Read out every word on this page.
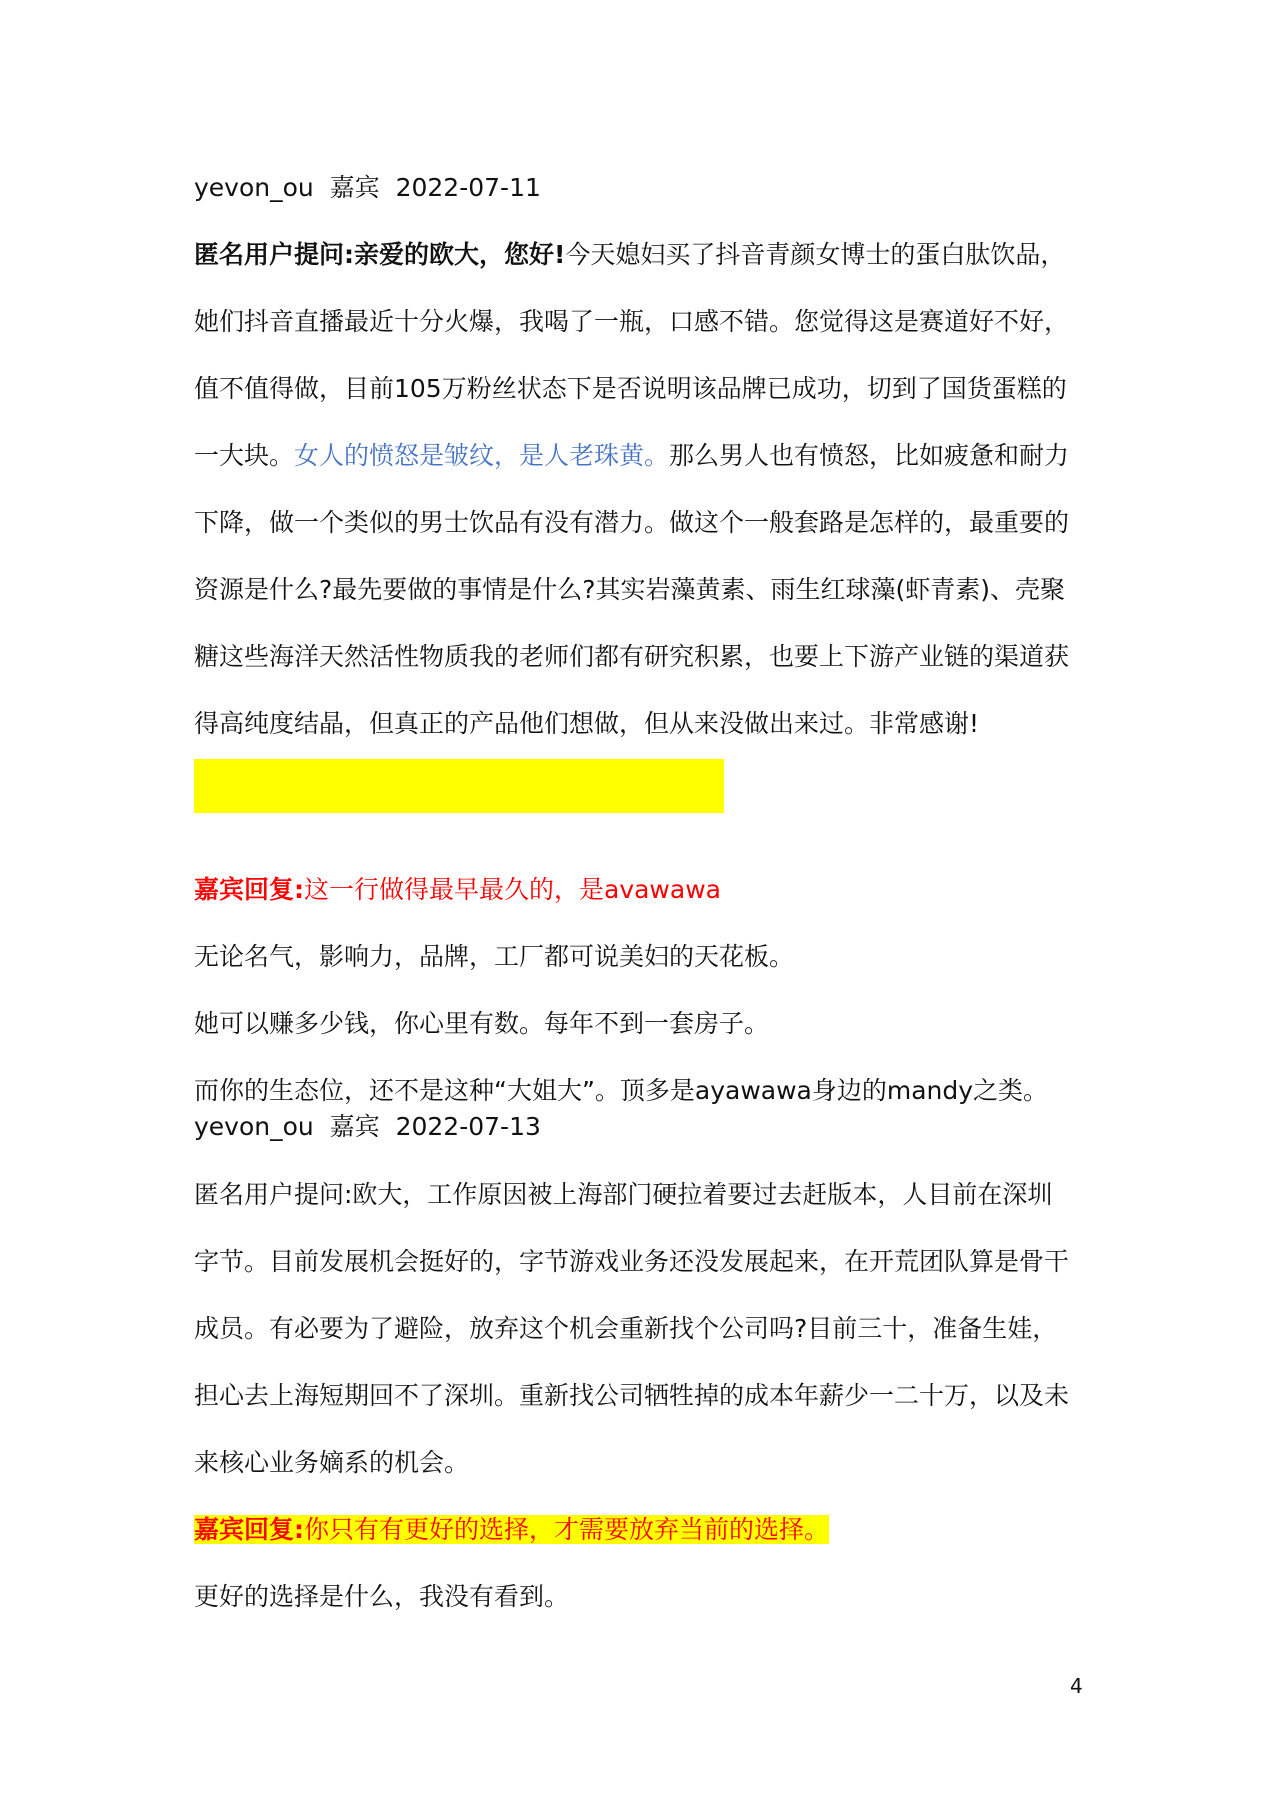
yevon_ou 嘉宾 2022-07-11
匿名用户提问:亲爱的欧大，您好!今天媳妇买了抖音青颜女博士的蛋白肽饮品，
她们抖音直播最近十分火爆，我喝了一瓶，口感不错。您觉得这是赛道好不好，
值不值得做，目前105万粉丝状态下是否说明该品牌已成功，切到了国货蛋糕的
一大块。女人的愤怒是皱纹，是人老珠黄。那么男人也有愤怒，比如疲惫和耐力
下降，做一个类似的男士饮品有没有潜力。做这个一般套路是怎样的，最重要的
资源是什么?最先要做的事情是什么?其实岩藻黄素、雨生红球藻(虾青素)、壳聚
糖这些海洋天然活性物质我的老师们都有研究积累，也要上下游产业链的渠道获
得高纯度结晶，但真正的产品他们想做，但从来没做出来过。非常感谢!
嘉宾回复:这一行做得最早最久的，是avawawa
无论名气，影响力，品牌，工厂都可说美妇的天花板。
她可以赚多少钱，你心里有数。每年不到一套房子。
而你的生态位，还不是这种“大姐大”。顶多是ayawawa身边的mandy之类。
yevon_ou 嘉宾 2022-07-13
匿名用户提问:欧大，工作原因被上海部门硬拉着要过去赶版本，人目前在深圳
字节。目前发展机会挺好的，字节游戏业务还没发展起来，在开荒团队算是骨干
成员。有必要为了避险，放弃这个机会重新找个公司吗?目前三十，准备生娃，
担心去上海短期回不了深圳。重新找公司牺牲掉的成本年薪少一二十万，以及未
来核心业务嫡系的机会。
嘉宾回复:你只有有更好的选择，才需要放弃当前的选择。
更好的选择是什么，我没有看到。
4
